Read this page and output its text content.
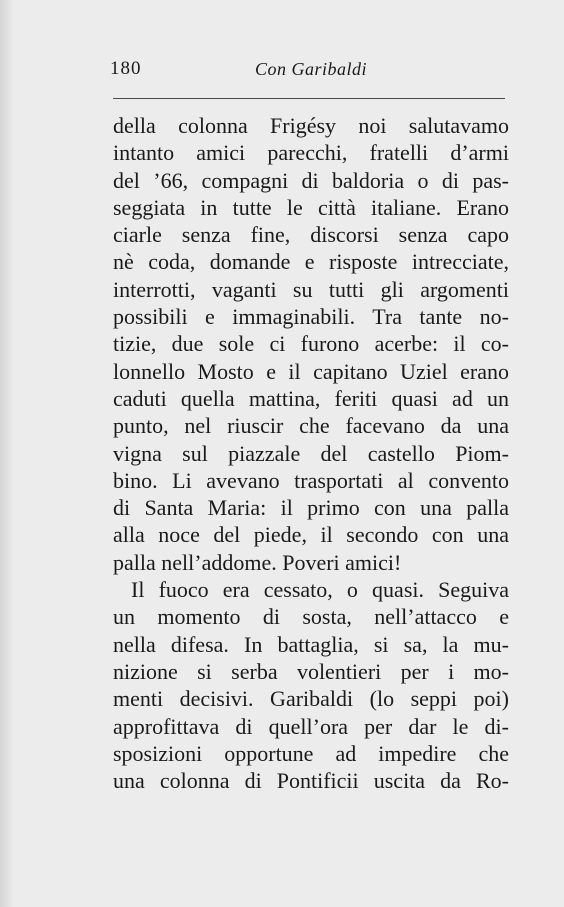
180	Con Garibaldi
della colonna Frigésy noi salutavamo
intanto amici parecchi, fratelli d’armi
del ’66, compagni di baldoria o di pas-
seggiata in tutte le città italiane. Erano
ciarle senza fine, discorsi senza capo
nè coda, domande e risposte intrecciate,
interrotti, vaganti su tutti gli argomenti
possibili e immaginabili. Tra tante no-
tizie, due sole ci furono acerbe: il co-
lonnello Mosto e il capitano Uziel erano
caduti quella mattina, feriti quasi ad un
punto, nel riuscir che facevano da una
vigna sul piazzale del castello Piom-
bino. Li avevano trasportati al convento
di Santa Maria: il primo con una palla
alla noce del piede, il secondo con una
palla nell’addome. Poveri amici!
Il fuoco era cessato, o quasi. Seguiva
un momento di sosta, nell’attacco e
nella difesa. In battaglia, si sa, la mu-
nizione si serba volentieri per i mo-
menti decisivi. Garibaldi (lo seppi poi)
approfittava di quell’ora per dar le di-
sposizioni opportune ad impedire che
una colonna di Pontificii uscita da Ro-
